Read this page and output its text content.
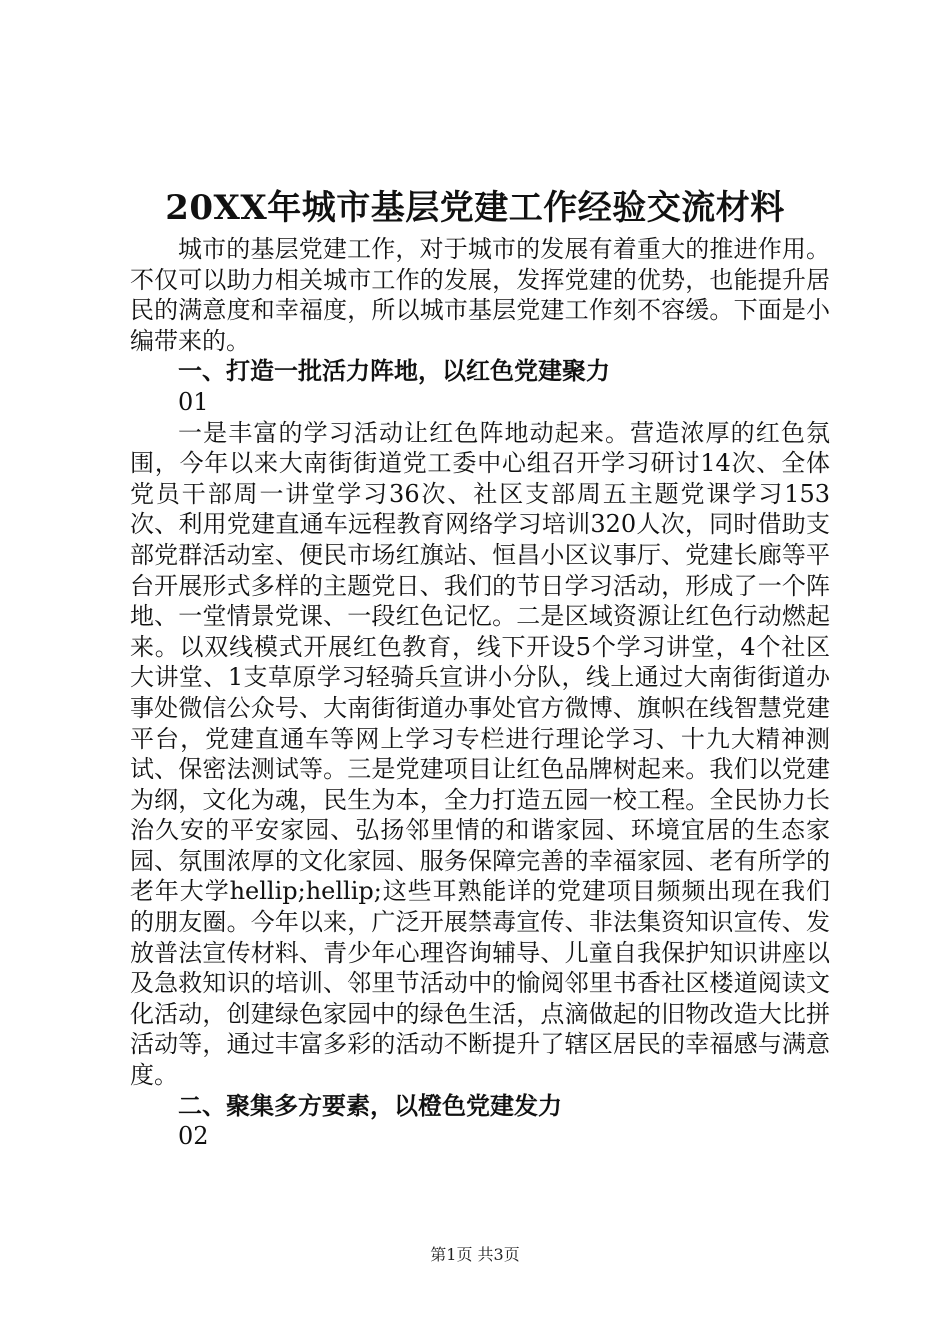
20XX年城市基层党建工作经验交流材料

城市的基层党建工作，对于城市的发展有着重大的推进作用。不仅可以助力相关城市工作的发展，发挥党建的优势，也能提升居民的满意度和幸福度，所以城市基层党建工作刻不容缓。下面是小编带来的。

一、打造一批活力阵地，以红色党建聚力

01

一是丰富的学习活动让红色阵地动起来。营造浓厚的红色氛围，今年以来大南街街道党工委中心组召开学习研讨14次、全体党员干部周一讲堂学习36次、社区支部周五主题党课学习153次、利用党建直通车远程教育网络学习培训320人次，同时借助支部党群活动室、便民市场红旗站、恒昌小区议事厅、党建长廊等平台开展形式多样的主题党日、我们的节日学习活动，形成了一个阵地、一堂情景党课、一段红色记忆。二是区域资源让红色行动燃起来。以双线模式开展红色教育，线下开设5个学习讲堂，4个社区大讲堂、1支草原学习轻骑兵宣讲小分队，线上通过大南街街道办事处微信公众号、大南街街道办事处官方微博、旗帜在线智慧党建平台，党建直通车等网上学习专栏进行理论学习、十九大精神测试、保密法测试等。三是党建项目让红色品牌树起来。我们以党建为纲，文化为魂，民生为本，全力打造五园一校工程。全民协力长治久安的平安家园、弘扬邻里情的和谐家园、环境宜居的生态家园、氛围浓厚的文化家园、服务保障完善的幸福家园、老有所学的老年大学hellip;hellip;这些耳熟能详的党建项目频频出现在我们的朋友圈。今年以来，广泛开展禁毒宣传、非法集资知识宣传、发放普法宣传材料、青少年心理咨询辅导、儿童自我保护知识讲座以及急救知识的培训、邻里节活动中的愉阅邻里书香社区楼道阅读文化活动，创建绿色家园中的绿色生活，点滴做起的旧物改造大比拼活动等，通过丰富多彩的活动不断提升了辖区居民的幸福感与满意度。

二、聚集多方要素，以橙色党建发力

02

第1页 共3页
